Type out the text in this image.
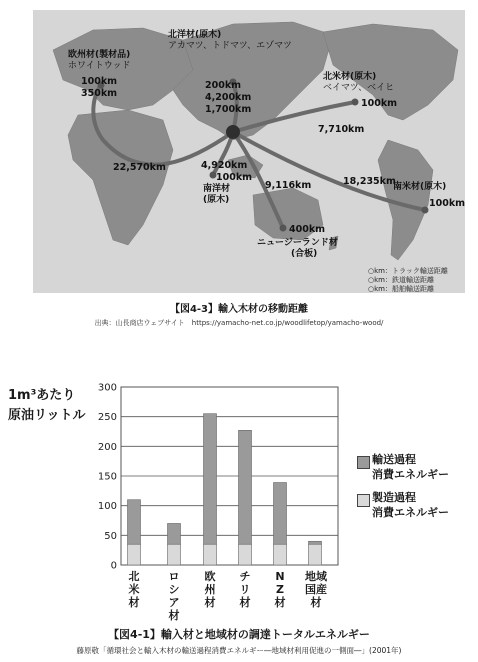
欧州材(製材品)
ホワイトウッド
100km
350km
北洋材(原木)
アカマツ、トドマツ、エゾマツ
200km
4,200km
1,700km
北米材(原木)
ベイマツ、ベイヒ
100km
4,920km
100km
南洋材
(原木)
400km
ニュージーランド材
(合板)
南米材(原木)
100km
22,570km
7,710km
9,116km	18,235km
○km：トラック輸送距離
○km：鉄道輸送距離
○km：船舶輸送距離
【図4-3】輸入木材の移動距離
出典：山長商店ウェブサイト　https://yamacho-net.co.jp/woodlifetop/yamacho-wood/
1m³あたり
原油リットル
0
50
100
150
200
250
300
北米材
ロシア材
欧州材
チリ材
NZ材
地域国産材
輸送過程
消費エネルギー
製造過程
消費エネルギー
【図4-1】輸入材と地域材の調達トータルエネルギー
藤原敬「循環社会と輸入木材の輸送過程消費エネルギー―地域材利用促進の一側面―」(2001年)
